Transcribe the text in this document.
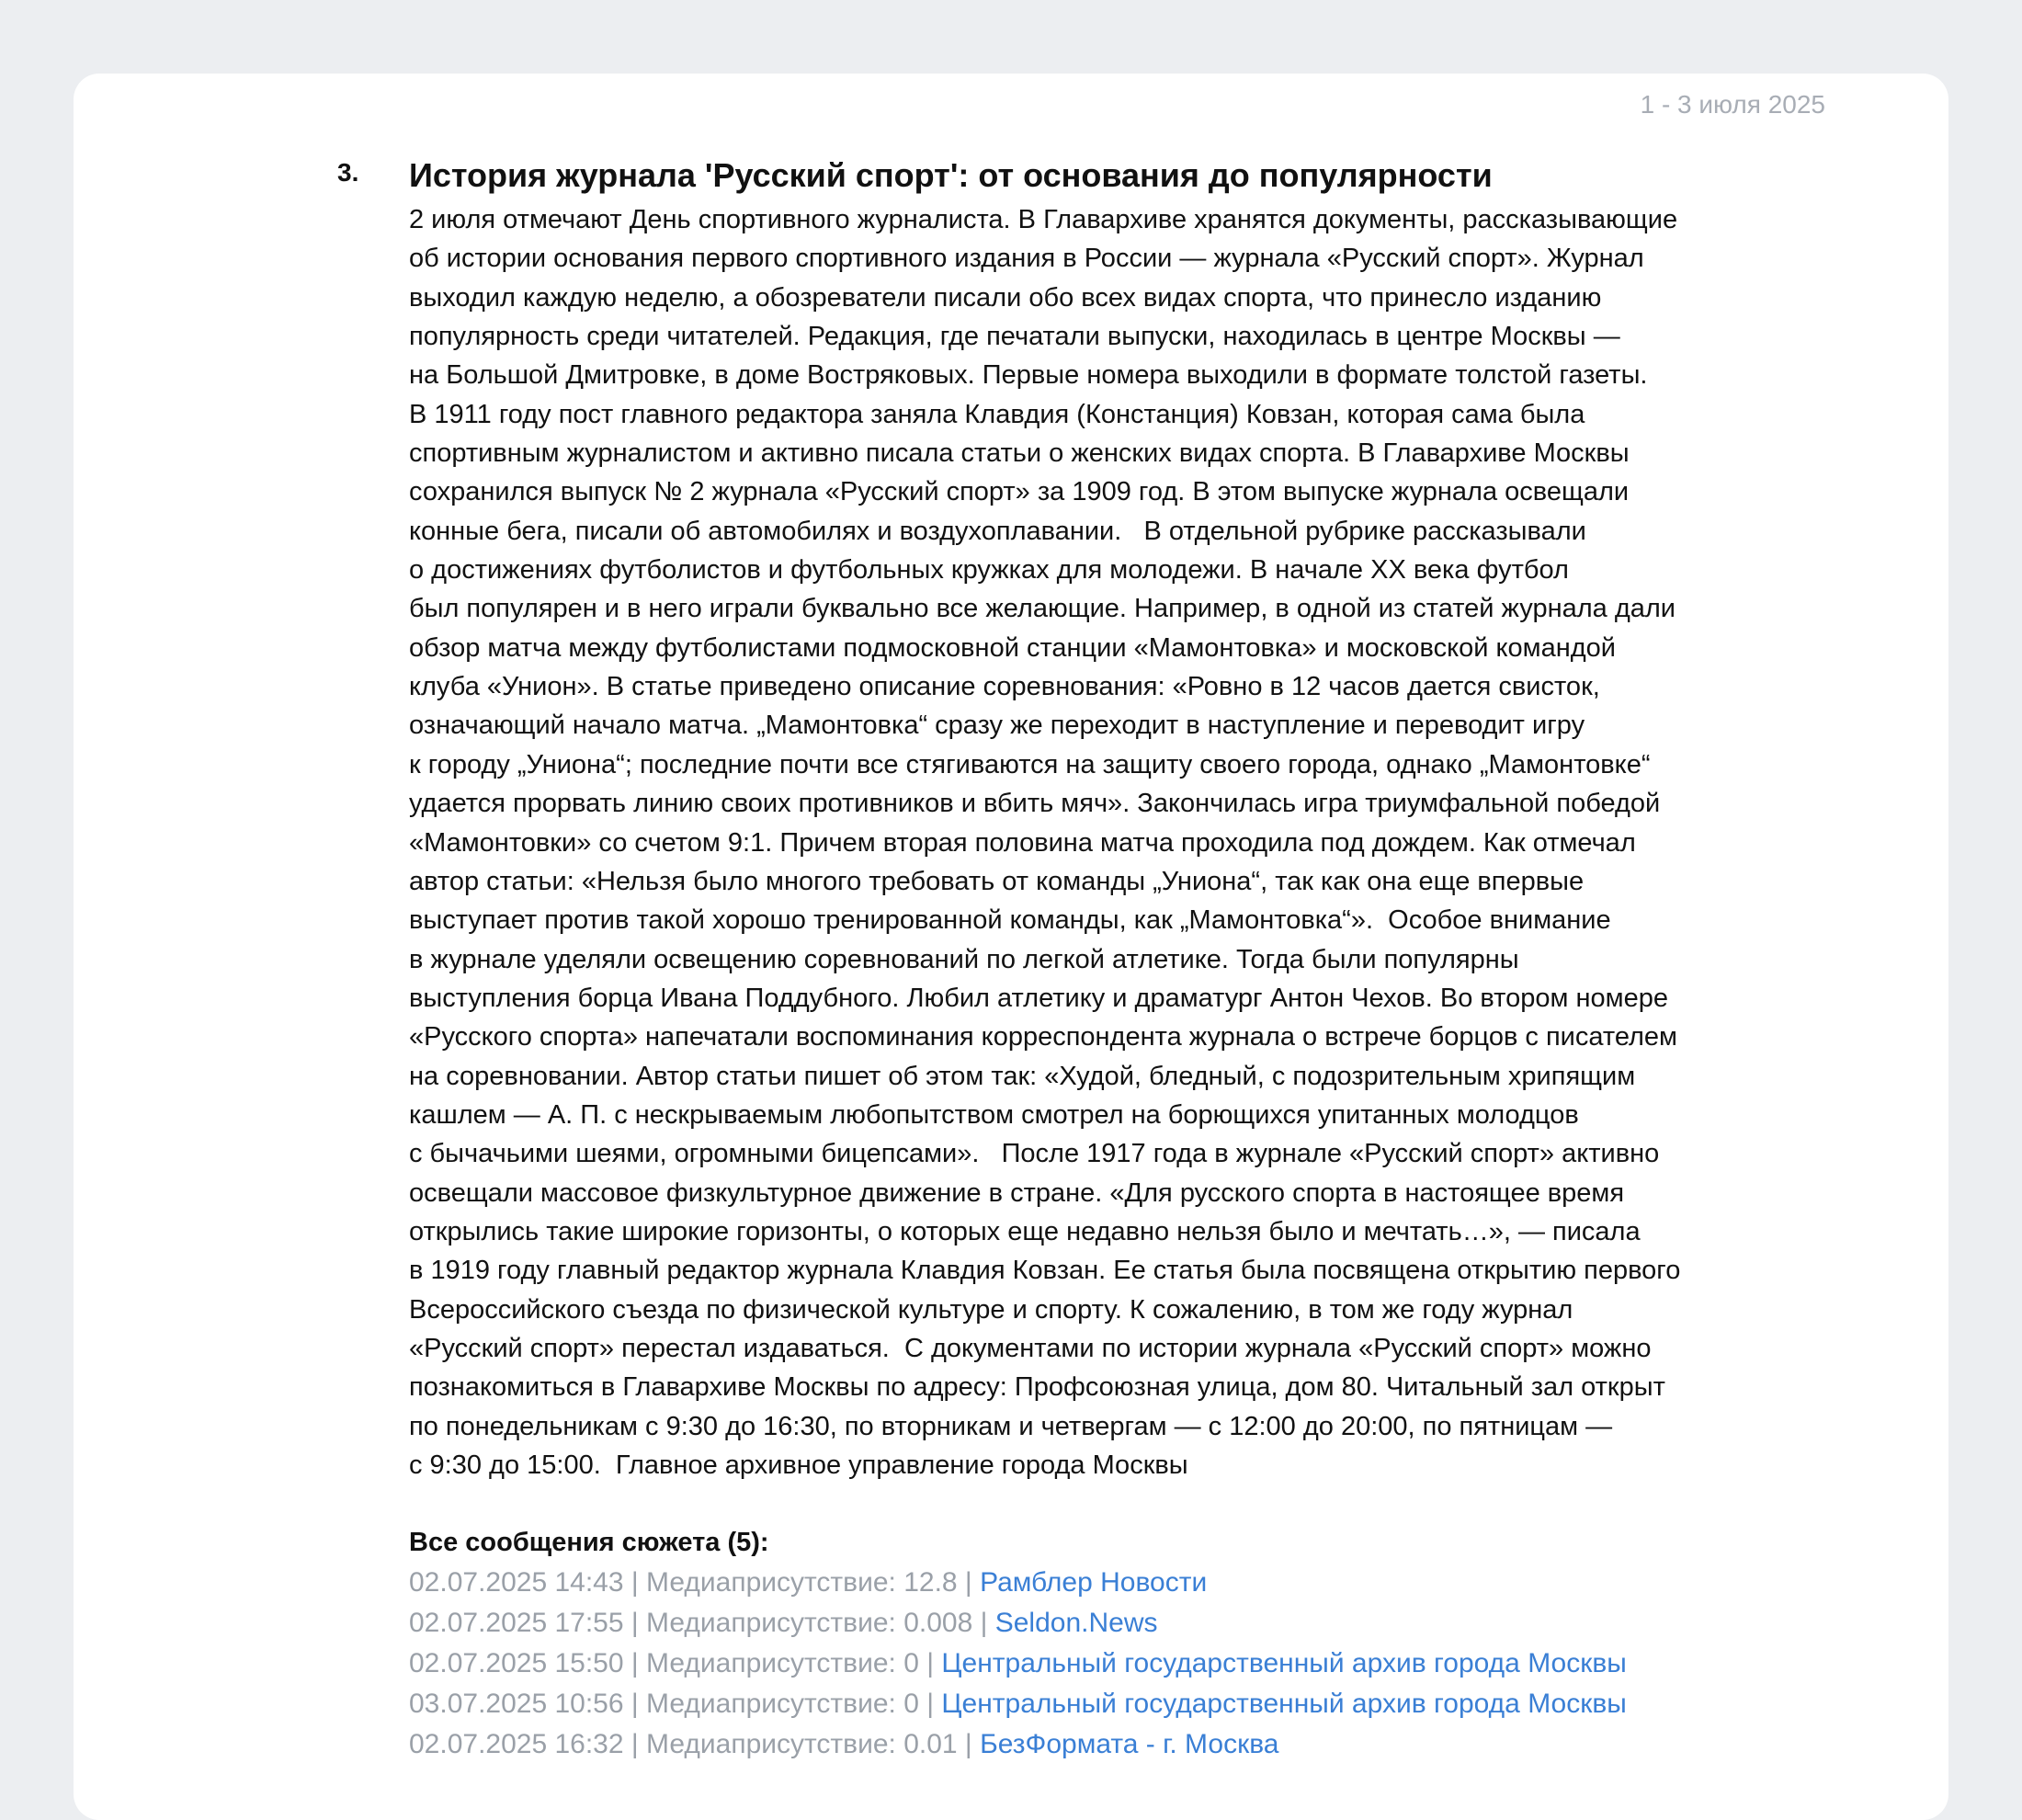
1 - 3 июля 2025
3. История журнала 'Русский спорт': от основания до популярности
2 июля отмечают День спортивного журналиста. В Главархиве хранятся документы, рассказывающие
об истории основания первого спортивного издания в России — журнала «Русский спорт». Журнал
выходил каждую неделю, а обозреватели писали обо всех видах спорта, что принесло изданию
популярность среди читателей. Редакция, где печатали выпуски, находилась в центре Москвы —
на Большой Дмитровке, в доме Востряковых. Первые номера выходили в формате толстой газеты.
В 1911 году пост главного редактора заняла Клавдия (Констанция) Ковзан, которая сама была
спортивным журналистом и активно писала статьи о женских видах спорта. В Главархиве Москвы
сохранился выпуск № 2 журнала «Русский спорт» за 1909 год. В этом выпуске журнала освещали
конные бега, писали об автомобилях и воздухоплавании.   В отдельной рубрике рассказывали
о достижениях футболистов и футбольных кружках для молодежи. В начале XX века футбол
был популярен и в него играли буквально все желающие. Например, в одной из статей журнала дали
обзор матча между футболистами подмосковной станции «Мамонтовка» и московской командой
клуба «Унион». В статье приведено описание соревнования: «Ровно в 12 часов дается свисток,
означающий начало матча. „Мамонтовка“ сразу же переходит в наступление и переводит игру
к городу „Униона“; последние почти все стягиваются на защиту своего города, однако „Мамонтовке“
удается прорвать линию своих противников и вбить мяч». Закончилась игра триумфальной победой
«Мамонтовки» со счетом 9:1. Причем вторая половина матча проходила под дождем. Как отмечал
автор статьи: «Нельзя было многого требовать от команды „Униона“, так как она еще впервые
выступает против такой хорошо тренированной команды, как „Мамонтовка“».  Особое внимание
в журнале уделяли освещению соревнований по легкой атлетике. Тогда были популярны
выступления борца Ивана Поддубного. Любил атлетику и драматург Антон Чехов. Во втором номере
«Русского спорта» напечатали воспоминания корреспондента журнала о встрече борцов с писателем
на соревновании. Автор статьи пишет об этом так: «Худой, бледный, с подозрительным хрипящим
кашлем — А. П. с нескрываемым любопытством смотрел на борющихся упитанных молодцов
с бычачьими шеями, огромными бицепсами».   После 1917 года в журнале «Русский спорт» активно
освещали массовое физкультурное движение в стране. «Для русского спорта в настоящее время
открылись такие широкие горизонты, о которых еще недавно нельзя было и мечтать…», — писала
в 1919 году главный редактор журнала Клавдия Ковзан. Ее статья была посвящена открытию первого
Всероссийского съезда по физической культуре и спорту. К сожалению, в том же году журнал
«Русский спорт» перестал издаваться.  С документами по истории журнала «Русский спорт» можно
познакомиться в Главархиве Москвы по адресу: Профсоюзная улица, дом 80. Читальный зал открыт
по понедельникам с 9:30 до 16:30, по вторникам и четвергам — с 12:00 до 20:00, по пятницам —
с 9:30 до 15:00.  Главное архивное управление города Москвы
Все сообщения сюжета (5):
02.07.2025 14:43 | Медиаприсутствие: 12.8 | Рамблер Новости
02.07.2025 17:55 | Медиаприсутствие: 0.008 | Seldon.News
02.07.2025 15:50 | Медиаприсутствие: 0 | Центральный государственный архив города Москвы
03.07.2025 10:56 | Медиаприсутствие: 0 | Центральный государственный архив города Москвы
02.07.2025 16:32 | Медиаприсутствие: 0.01 | БезФормата - г. Москва
